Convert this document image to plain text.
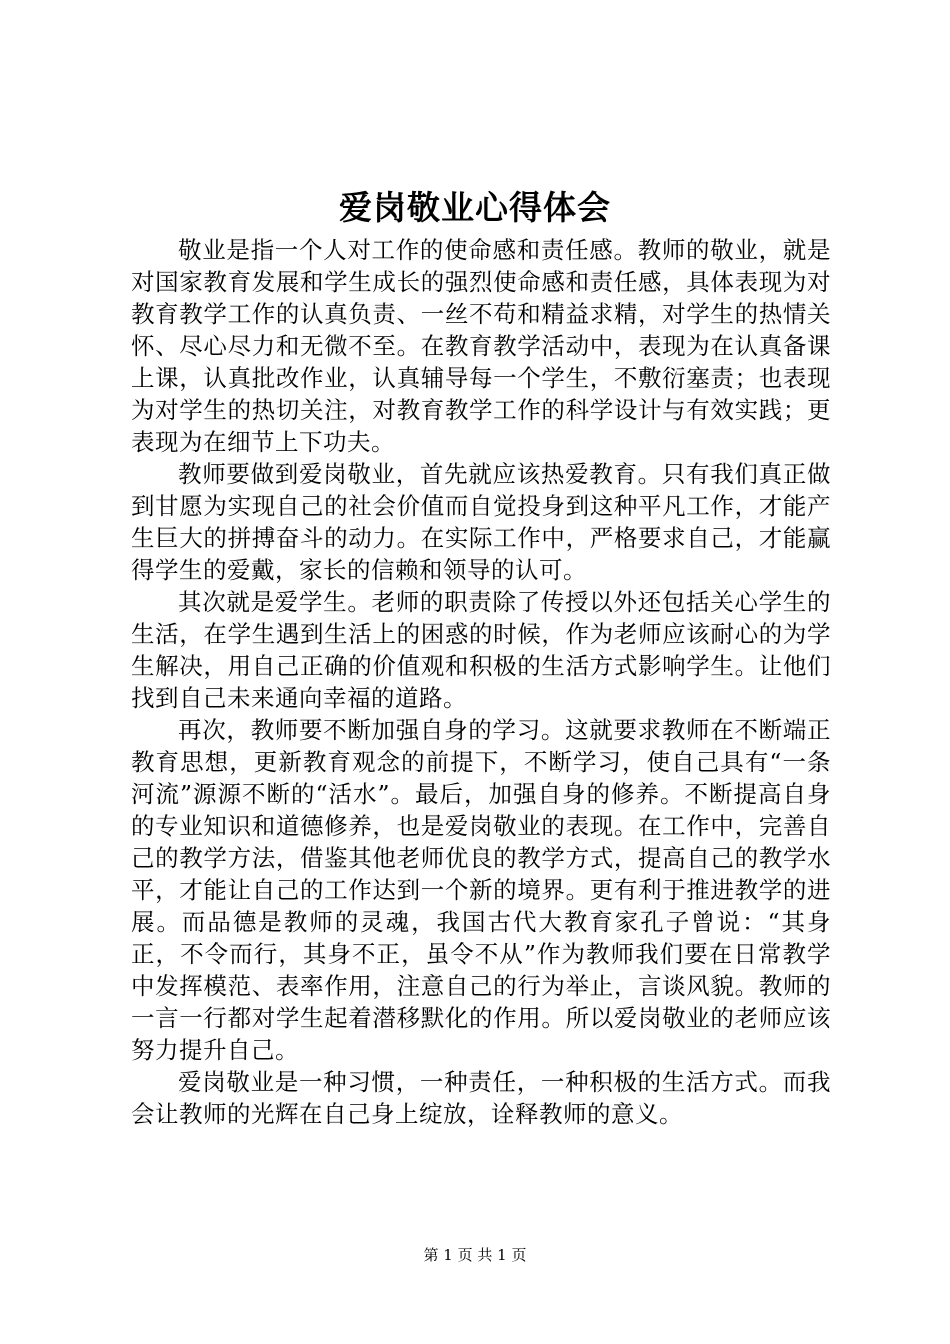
爱岗敬业心得体会

敬业是指一个人对工作的使命感和责任感。教师的敬业，就是对国家教育发展和学生成长的强烈使命感和责任感，具体表现为对教育教学工作的认真负责、一丝不苟和精益求精，对学生的热情关怀、尽心尽力和无微不至。在教育教学活动中，表现为在认真备课上课，认真批改作业，认真辅导每一个学生，不敷衍塞责；也表现为对学生的热切关注，对教育教学工作的科学设计与有效实践；更表现为在细节上下功夫。

教师要做到爱岗敬业，首先就应该热爱教育。只有我们真正做到甘愿为实现自己的社会价值而自觉投身到这种平凡工作，才能产生巨大的拼搏奋斗的动力。在实际工作中，严格要求自己，才能赢得学生的爱戴，家长的信赖和领导的认可。

其次就是爱学生。老师的职责除了传授以外还包括关心学生的生活，在学生遇到生活上的困惑的时候，作为老师应该耐心的为学生解决，用自己正确的价值观和积极的生活方式影响学生。让他们找到自己未来通向幸福的道路。

再次，教师要不断加强自身的学习。这就要求教师在不断端正教育思想，更新教育观念的前提下，不断学习，使自己具有“一条河流”源源不断的“活水”。最后，加强自身的修养。不断提高自身的专业知识和道德修养，也是爱岗敬业的表现。在工作中，完善自己的教学方法，借鉴其他老师优良的教学方式，提高自己的教学水平，才能让自己的工作达到一个新的境界。更有利于推进教学的进展。而品德是教师的灵魂，我国古代大教育家孔子曾说：“其身正，不令而行，其身不正，虽令不从”作为教师我们要在日常教学中发挥模范、表率作用，注意自己的行为举止，言谈风貌。教师的一言一行都对学生起着潜移默化的作用。所以爱岗敬业的老师应该努力提升自己。

爱岗敬业是一种习惯，一种责任，一种积极的生活方式。而我会让教师的光辉在自己身上绽放，诠释教师的意义。

第 1 页 共 1 页
